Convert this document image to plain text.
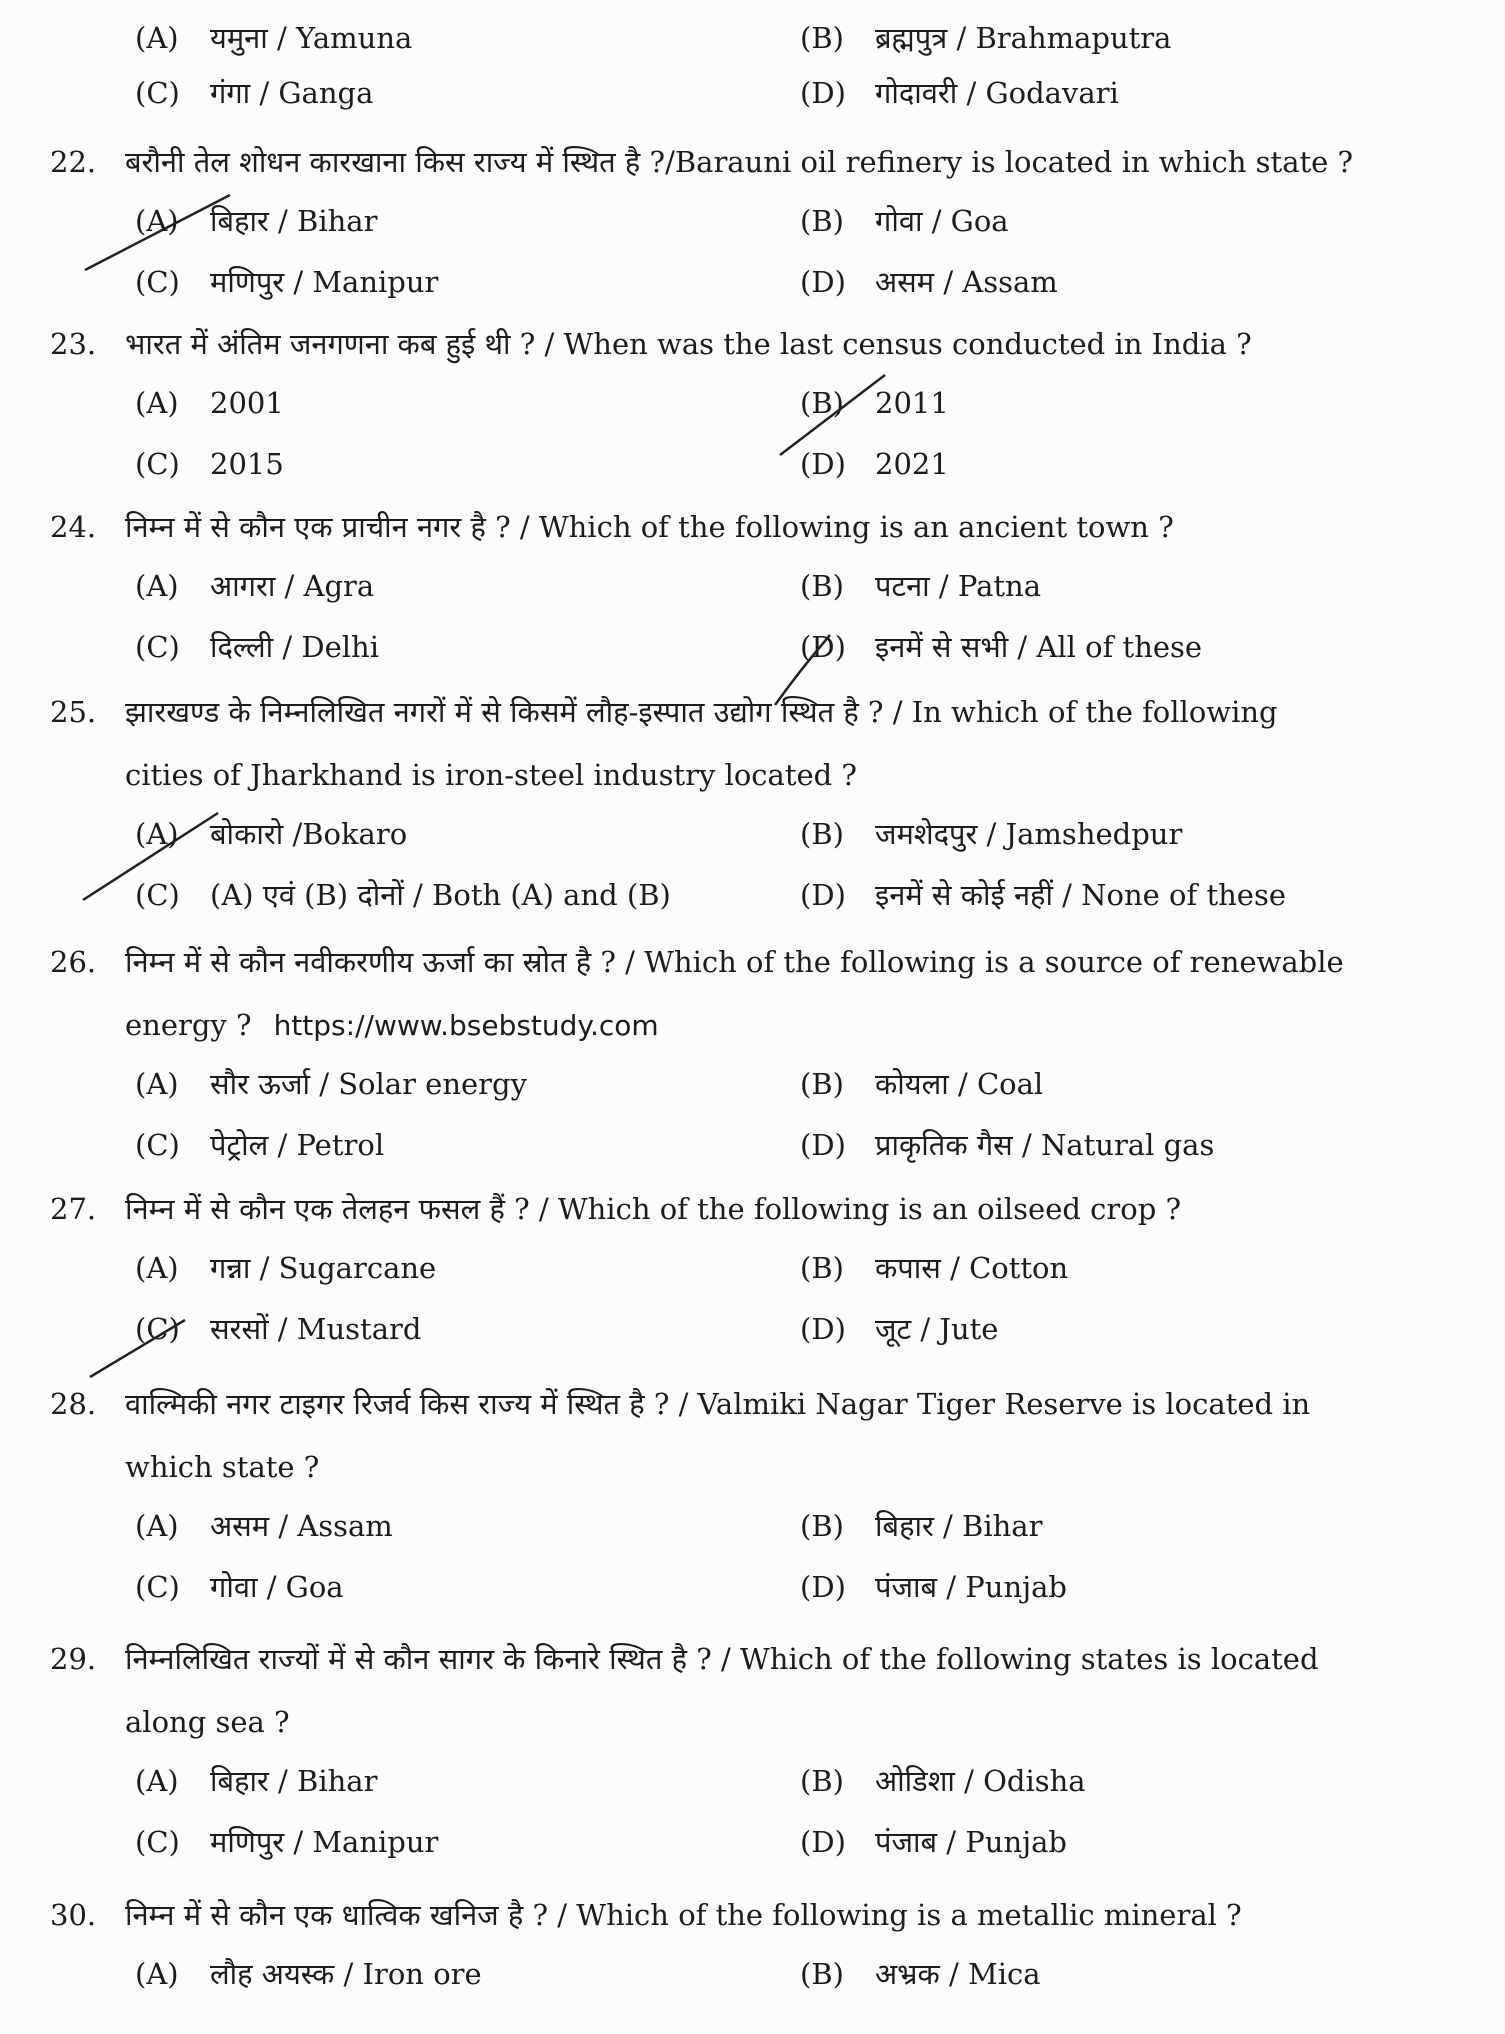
(A)	यमुना / Yamuna	(B)	ब्रह्मपुत्र / Brahmaputra
(C)	गंगा / Ganga	(D)	गोदावरी / Godavari
22. बरौनी तेल शोधन कारखाना किस राज्य में स्थित है ?/Barauni oil refinery is located in which state ?
(A)	बिहार / Bihar	(B)	गोवा / Goa
(C)	मणिपुर / Manipur	(D)	असम / Assam
23. भारत में अंतिम जनगणना कब हुई थी ? / When was the last census conducted in India ?
(A)	2001	(B)	2011
(C)	2015	(D)	2021
24. निम्न में से कौन एक प्राचीन नगर है ? / Which of the following is an ancient town ?
(A)	आगरा / Agra	(B)	पटना / Patna
(C)	दिल्ली / Delhi	(D)	इनमें से सभी / All of these
25. झारखण्ड के निम्नलिखित नगरों में से किसमें लौह-इस्पात उद्योग स्थित है ? / In which of the following
cities of Jharkhand is iron-steel industry located ?
(A)	बोकारो /Bokaro	(B)	जमशेदपुर / Jamshedpur
(C)	(A) एवं (B) दोनों / Both (A) and (B)	(D)	इनमें से कोई नहीं / None of these
26. निम्न में से कौन नवीकरणीय ऊर्जा का स्रोत है ? / Which of the following is a source of renewable
energy ? https://www.bsebstudy.com
(A)	सौर ऊर्जा / Solar energy	(B)	कोयला / Coal
(C)	पेट्रोल / Petrol	(D)	प्राकृतिक गैस / Natural gas
27. निम्न में से कौन एक तेलहन फसल हैं ? / Which of the following is an oilseed crop ?
(A)	गन्ना / Sugarcane	(B)	कपास / Cotton
(C)	सरसों / Mustard	(D)	जूट / Jute
28. वाल्मिकी नगर टाइगर रिजर्व किस राज्य में स्थित है ? / Valmiki Nagar Tiger Reserve is located in
which state ?
(A)	असम / Assam	(B)	बिहार / Bihar
(C)	गोवा / Goa	(D)	पंजाब / Punjab
29. निम्नलिखित राज्यों में से कौन सागर के किनारे स्थित है ? / Which of the following states is located
along sea ?
(A)	बिहार / Bihar	(B)	ओडिशा / Odisha
(C)	मणिपुर / Manipur	(D)	पंजाब / Punjab
30. निम्न में से कौन एक धात्विक खनिज है ? / Which of the following is a metallic mineral ?
(A)	लौह अयस्क / Iron ore	(B)	अभ्रक / Mica
